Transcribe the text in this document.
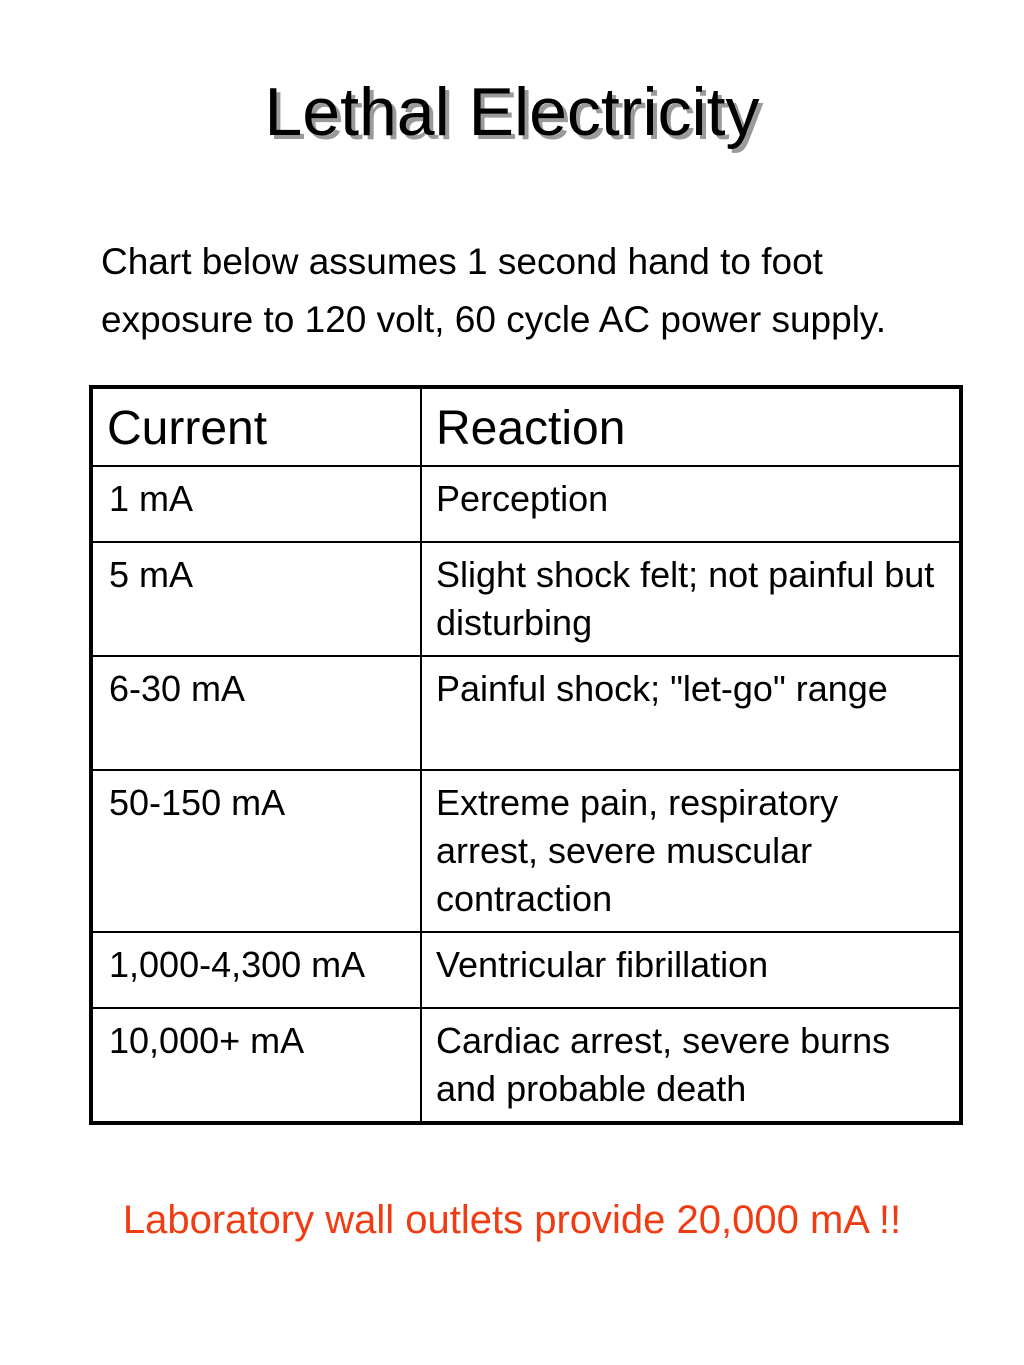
Lethal Electricity
Chart below assumes 1 second hand to foot
exposure to 120 volt, 60 cycle AC power supply.
Current	Reaction
1 mA	Perception
5 mA	Slight shock felt; not painful but disturbing
6-30 mA	Painful shock; "let-go" range
50-150 mA	Extreme pain, respiratory arrest, severe muscular contraction
1,000-4,300 mA	Ventricular fibrillation
10,000+ mA	Cardiac arrest, severe burns and probable death
Laboratory wall outlets provide 20,000 mA !!
